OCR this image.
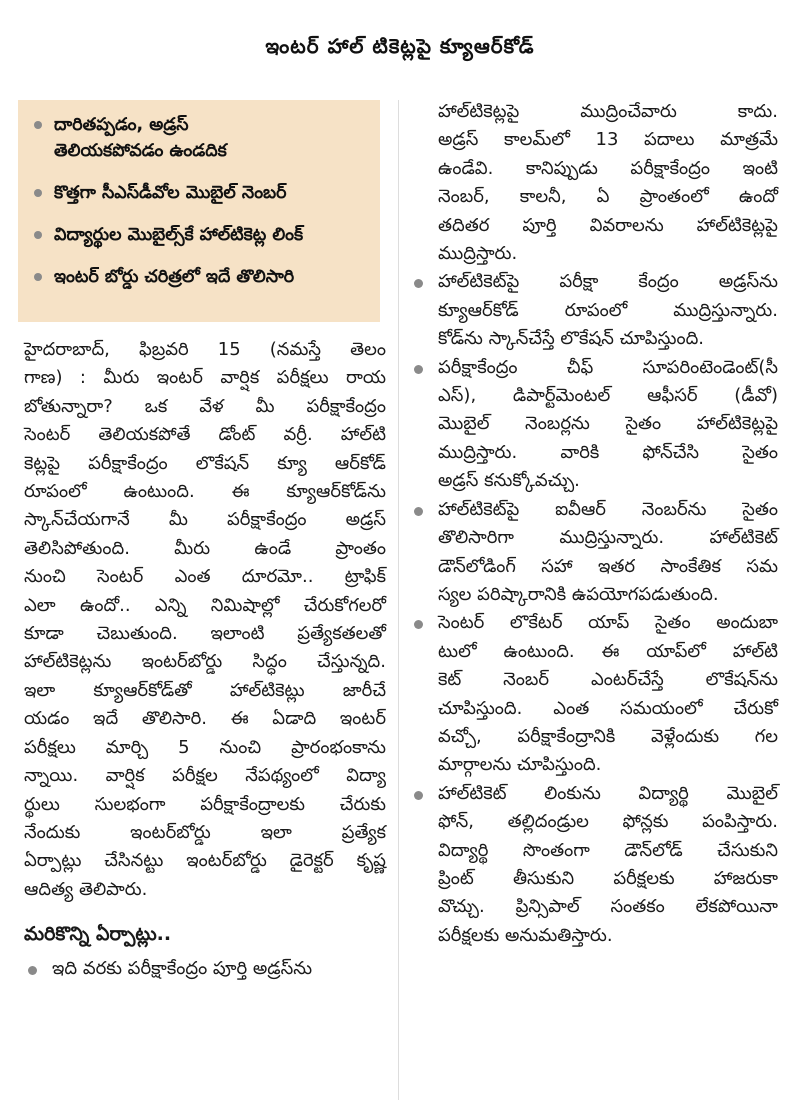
ఇంటర్ హాల్ టికెట్లపై క్యూఆర్‌కోడ్
దారితప్పడం, అడ్రస్
తెలియకపోవడం ఉండదిక
కొత్తగా సీఎస్‌డీవోల మొబైల్ నెంబర్
విద్యార్థుల మొబైల్స్‌కే హాల్‌టికెట్ల లింక్
ఇంటర్ బోర్డు చరిత్రలో ఇదే తొలిసారి
హైదరాబాద్, ఫిబ్రవరి 15 (నమస్తే తెలం
గాణ) : మీరు ఇంటర్ వార్షిక పరీక్షలు రాయ
బోతున్నారా? ఒక వేళ మీ పరీక్షాకేంద్రం
సెంటర్ తెలియకపోతే డోంట్ వర్రీ. హాల్‌టి
కెట్లపై పరీక్షాకేంద్రం లొకేషన్ క్యూ ఆర్‌కోడ్
రూపంలో ఉంటుంది. ఈ క్యూఆర్‌కోడ్‌ను
స్కాన్‌చేయగానే మీ పరీక్షాకేంద్రం అడ్రస్
తెలిసిపోతుంది. మీరు ఉండే ప్రాంతం
నుంచి సెంటర్ ఎంత దూరమో.. ట్రాఫిక్
ఎలా ఉందో.. ఎన్ని నిమిషాల్లో చేరుకోగలరో
కూడా చెబుతుంది. ఇలాంటి ప్రత్యేకతలతో
హాల్‌టికెట్లను ఇంటర్‌బోర్డు సిద్ధం చేస్తున్నది.
ఇలా క్యూఆర్‌కోడ్‌తో హాల్‌టికెట్లు జారీచే
యడం ఇదే తొలిసారి. ఈ ఏడాది ఇంటర్
పరీక్షలు మార్చి 5 నుంచి ప్రారంభంకాను
న్నాయి. వార్షిక పరీక్షల నేపథ్యంలో విద్యా
ర్థులు సులభంగా పరీక్షాకేంద్రాలకు చేరుకు
నేందుకు ఇంటర్‌బోర్డు ఇలా ప్రత్యేక
ఏర్పాట్లు చేసినట్టు ఇంటర్‌బోర్డు డైరెక్టర్ కృష్ణ
ఆదిత్య తెలిపారు.
మరికొన్ని ఏర్పాట్లు..
ఇది వరకు పరీక్షాకేంద్రం పూర్తి అడ్రస్‌ను
హాల్‌టికెట్లపై ముద్రించేవారు కాదు.
అడ్రస్ కాలమ్‌లో 13 పదాలు మాత్రమే
ఉండేవి. కానిప్పుడు పరీక్షాకేంద్రం ఇంటి
నెంబర్, కాలనీ, ఏ ప్రాంతంలో ఉందో
తదితర పూర్తి వివరాలను హాల్‌టికెట్లపై
ముద్రిస్తారు.
హాల్‌టికెట్‌పై పరీక్షా కేంద్రం అడ్రస్‌ను
క్యూఆర్‌కోడ్ రూపంలో ముద్రిస్తున్నారు.
కోడ్‌ను స్కాన్‌చేస్తే లొకేషన్ చూపిస్తుంది.
పరీక్షాకేంద్రం చీఫ్ సూపరింటెండెంట్(సీ
ఎస్), డిపార్ట్‌మెంటల్ ఆఫీసర్ (డీవో)
మొబైల్ నెంబర్లను సైతం హాల్‌టికెట్లపై
ముద్రిస్తారు. వారికి ఫోన్‌చేసి సైతం
అడ్రస్ కనుక్కోవచ్చు.
హాల్‌టికెట్‌పై ఐవీఆర్ నెంబర్‌ను సైతం
తొలిసారిగా ముద్రిస్తున్నారు. హాల్‌టికెట్
డౌన్‌లోడింగ్ సహా ఇతర సాంకేతిక సమ
స్యల పరిష్కారానికి ఉపయోగపడుతుంది.
సెంటర్ లొకేటర్ యాప్ సైతం అందుబా
టులో ఉంటుంది. ఈ యాప్‌లో హాల్‌టి
కెట్ నెంబర్ ఎంటర్‌చేస్తే లొకేషన్‌ను
చూపిస్తుంది. ఎంత సమయంలో చేరుకో
వచ్చో, పరీక్షాకేంద్రానికి వెళ్లేందుకు గల
మార్గాలను చూపిస్తుంది.
హాల్‌టికెట్ లింకును విద్యార్థి మొబైల్
ఫోన్, తల్లిదండ్రుల ఫోన్లకు పంపిస్తారు.
విద్యార్థి సొంతంగా డౌన్‌లోడ్ చేసుకుని
ప్రింట్ తీసుకుని పరీక్షలకు హాజరుకా
వొచ్చు. ప్రిన్సిపాల్ సంతకం లేకపోయినా
పరీక్షలకు అనుమతిస్తారు.
